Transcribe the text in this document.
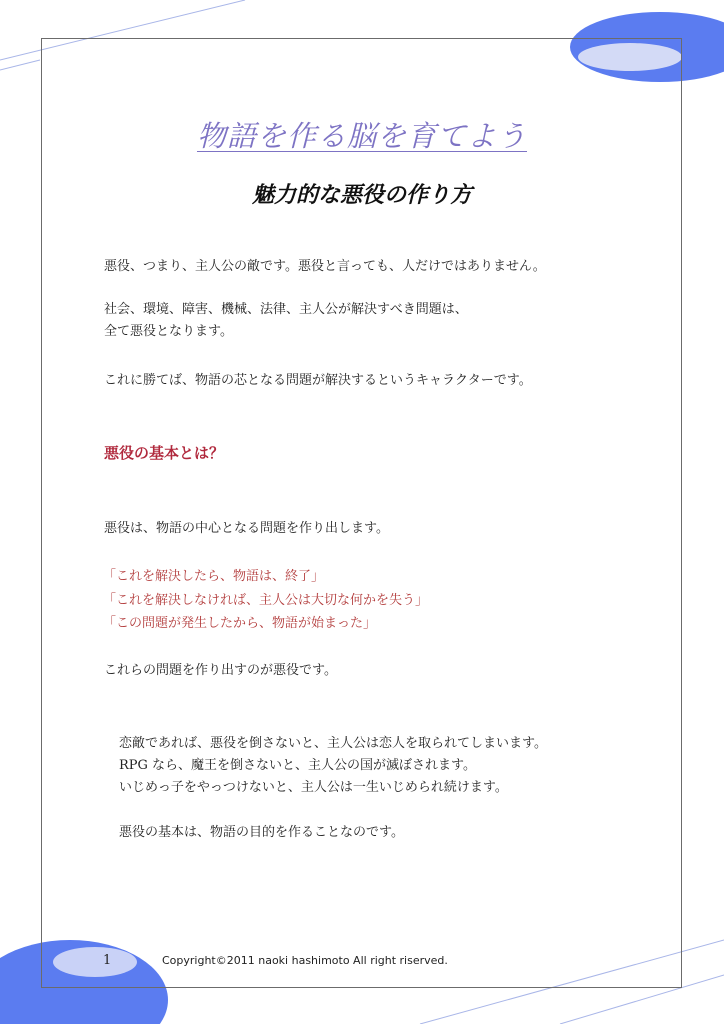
物語を作る脳を育てよう
魅力的な悪役の作り方

悪役、つまり、主人公の敵です。悪役と言っても、人だけではありません。

社会、環境、障害、機械、法律、主人公が解決すべき問題は、

全て悪役となります。

これに勝てば、物語の芯となる問題が解決するというキャラクターです。

悪役の基本とは？

悪役は、物語の中心となる問題を作り出します。

「これを解決したら、物語は、終了」

「これを解決しなければ、主人公は大切な何かを失う」

「この問題が発生したから、物語が始まった」

これらの問題を作り出すのが悪役です。

恋敵であれば、悪役を倒さないと、主人公は恋人を取られてしまいます。

RPG なら、魔王を倒さないと、主人公の国が滅ぼされます。

いじめっ子をやっつけないと、主人公は一生いじめられ続けます。

悪役の基本は、物語の目的を作ることなのです。

1	Copyright©2011 naoki hashimoto All right riserved.
